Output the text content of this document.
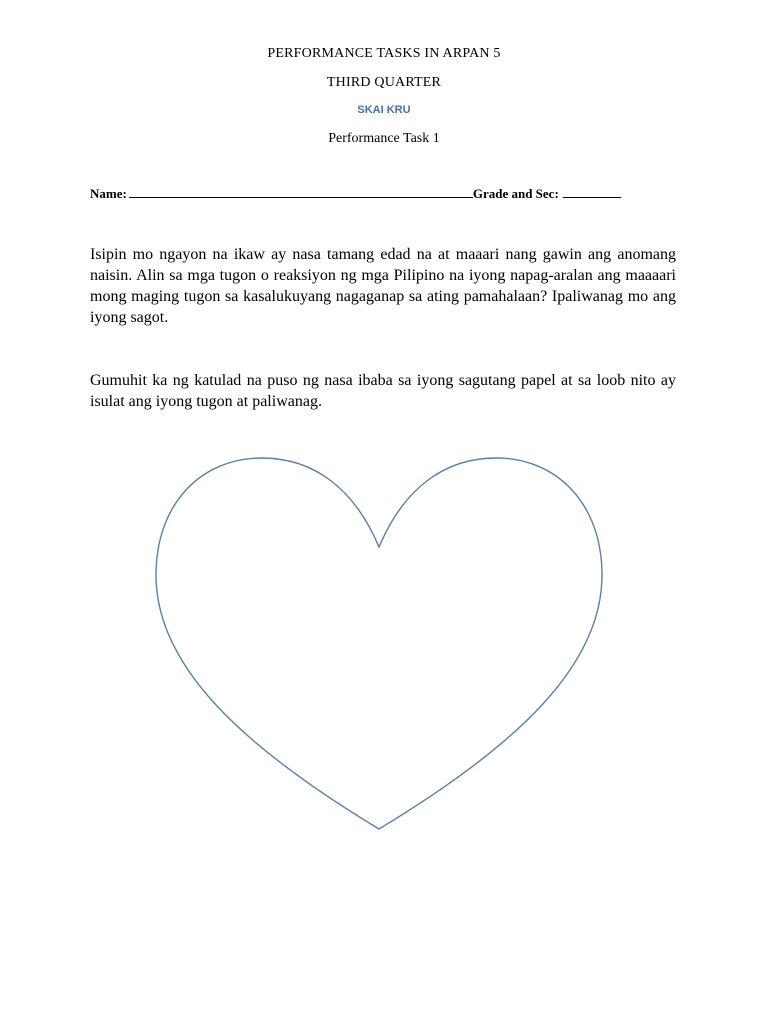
PERFORMANCE TASKS IN ARPAN 5
THIRD QUARTER
SKAI KRU
Performance Task 1
Name:	Grade and Sec:
Isipin mo ngayon na ikaw ay nasa tamang edad na at maaari nang gawin ang anomang naisin. Alin sa mga tugon o reaksiyon ng mga Pilipino na iyong napag-aralan ang maaaari mong maging tugon sa kasalukuyang nagaganap sa ating pamahalaan? Ipaliwanag mo ang iyong sagot.
Gumuhit ka ng katulad na puso ng nasa ibaba sa iyong sagutang papel at sa loob nito ay isulat ang iyong tugon at paliwanag.
